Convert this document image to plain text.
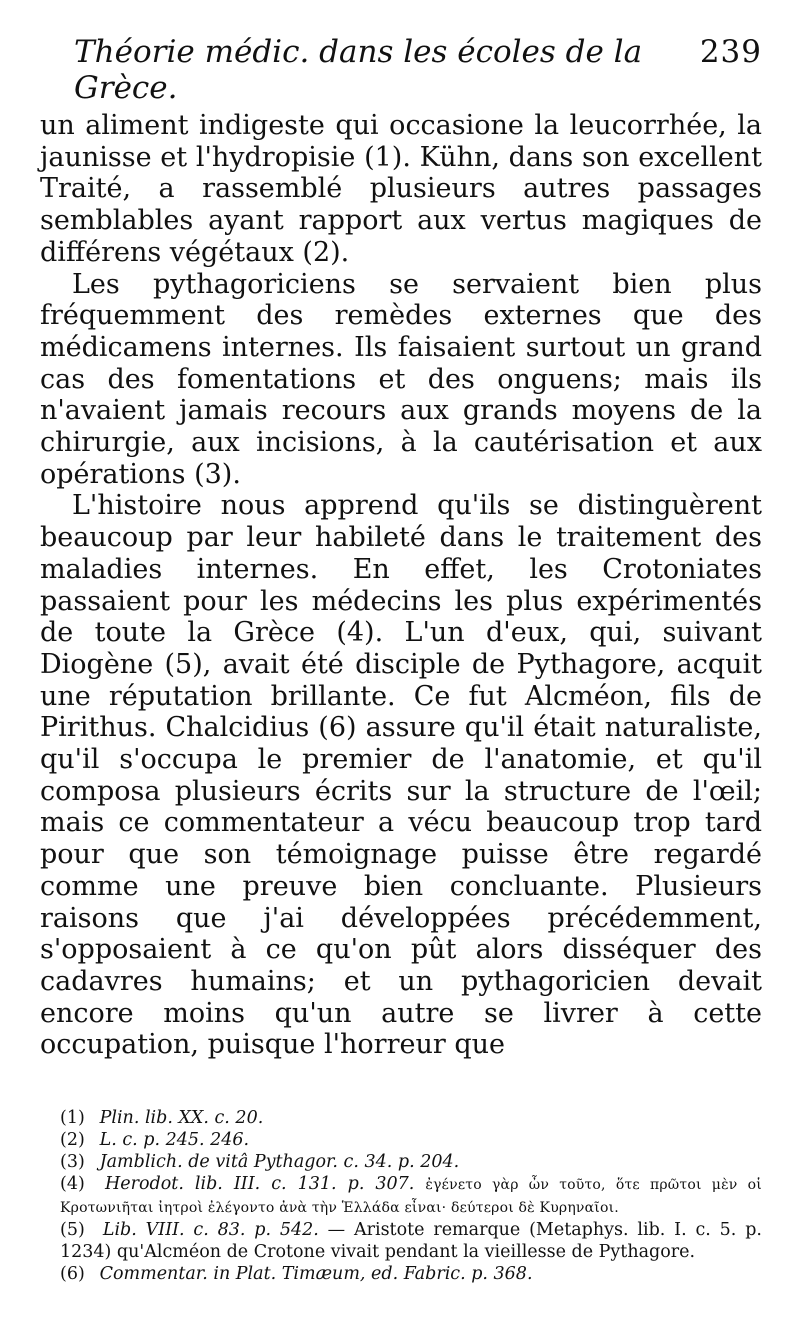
Théorie médic. dans les écoles de la Grèce.
239

un aliment indigeste qui occasione la leucorrhée, la jaunisse et l'hydropisie (1). Kühn, dans son excellent Traité, a rassemblé plusieurs autres passages semblables ayant rapport aux vertus magiques de différens végétaux (2).

Les pythagoriciens se servaient bien plus fréquemment des remèdes externes que des médicamens internes. Ils faisaient surtout un grand cas des fomentations et des onguens; mais ils n'avaient jamais recours aux grands moyens de la chirurgie, aux incisions, à la cautérisation et aux opérations (3).

L'histoire nous apprend qu'ils se distinguèrent beaucoup par leur habileté dans le traitement des maladies internes. En effet, les Crotoniates passaient pour les médecins les plus expérimentés de toute la Grèce (4). L'un d'eux, qui, suivant Diogène (5), avait été disciple de Pythagore, acquit une réputation brillante. Ce fut Alcméon, fils de Pirithus. Chalcidius (6) assure qu'il était naturaliste, qu'il s'occupa le premier de l'anatomie, et qu'il composa plusieurs écrits sur la structure de l'œil; mais ce commentateur a vécu beaucoup trop tard pour que son témoignage puisse être regardé comme une preuve bien concluante. Plusieurs raisons que j'ai développées précédemment, s'opposaient à ce qu'on pût alors disséquer des cadavres humains; et un pythagoricien devait encore moins qu'un autre se livrer à cette occupation, puisque l'horreur que

(1) Plin. lib. XX. c. 20.

(2) L. c. p. 245. 246.

(3) Jamblich. de vitâ Pythagor. c. 34. p. 204.

(4) Herodot. lib. III. c. 131. p. 307. ἐγένετο γὰρ ὦν τοῦτο, ὅτε πρῶτοι μὲν οἱ Κροτωνιῆται ἰητροὶ ἐλέγοντο ἀνὰ τὴν Ἑλλάδα εἶναι· δεύτεροι δὲ Κυρηναῖοι.

(5) Lib. VIII. c. 83. p. 542. — Aristote remarque (Metaphys. lib. I. c. 5. p. 1234) qu'Alcméon de Crotone vivait pendant la vieillesse de Pythagore.

(6) Commentar. in Plat. Timæum, ed. Fabric. p. 368.
